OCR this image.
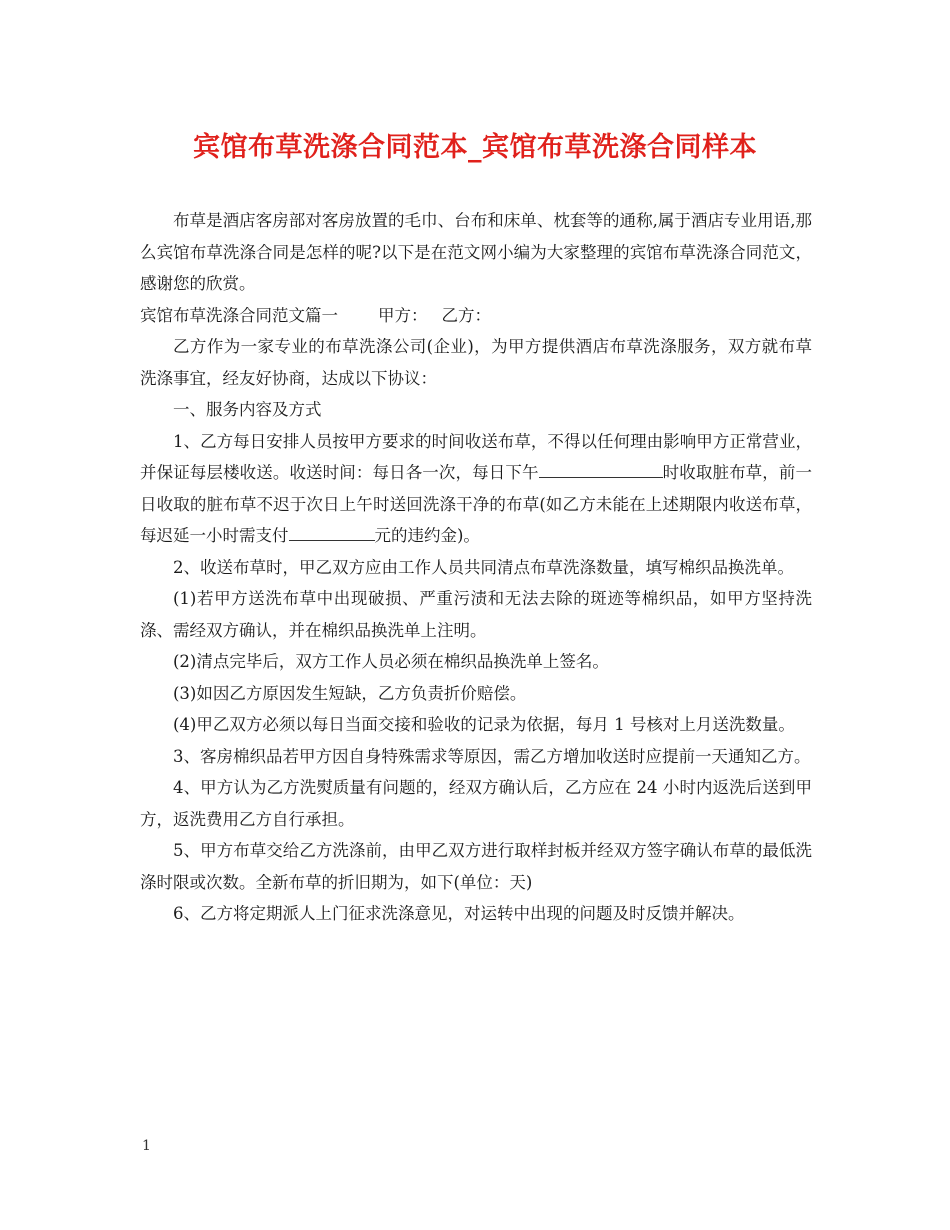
宾馆布草洗涤合同范本_宾馆布草洗涤合同样本

布草是酒店客房部对客房放置的毛巾、台布和床单、枕套等的通称,属于酒店专业用语,那么宾馆布草洗涤合同是怎样的呢?以下是在范文网小编为大家整理的宾馆布草洗涤合同范文，感谢您的欣赏。

宾馆布草洗涤合同范文篇一 甲方： 乙方：

乙方作为一家专业的布草洗涤公司(企业)，为甲方提供酒店布草洗涤服务，双方就布草洗涤事宜，经友好协商，达成以下协议：

一、服务内容及方式

1、乙方每日安排人员按甲方要求的时间收送布草，不得以任何理由影响甲方正常营业，并保证每层楼收送。收送时间：每日各一次，每日下午	时收取脏布草，前一日收取的脏布草不迟于次日上午时送回洗涤干净的布草(如乙方未能在上述期限内收送布草，每迟延一小时需支付	元的违约金)。

2、收送布草时，甲乙双方应由工作人员共同清点布草洗涤数量，填写棉织品换洗单。

(1)若甲方送洗布草中出现破损、严重污渍和无法去除的斑迹等棉织品，如甲方坚持洗涤、需经双方确认，并在棉织品换洗单上注明。

(2)清点完毕后，双方工作人员必须在棉织品换洗单上签名。

(3)如因乙方原因发生短缺，乙方负责折价赔偿。

(4)甲乙双方必须以每日当面交接和验收的记录为依据，每月 1 号核对上月送洗数量。

3、客房棉织品若甲方因自身特殊需求等原因，需乙方增加收送时应提前一天通知乙方。

4、甲方认为乙方洗熨质量有问题的，经双方确认后，乙方应在 24 小时内返洗后送到甲方，返洗费用乙方自行承担。

5、甲方布草交给乙方洗涤前，由甲乙双方进行取样封板并经双方签字确认布草的最低洗涤时限或次数。全新布草的折旧期为，如下(单位：天)

6、乙方将定期派人上门征求洗涤意见，对运转中出现的问题及时反馈并解决。

1
